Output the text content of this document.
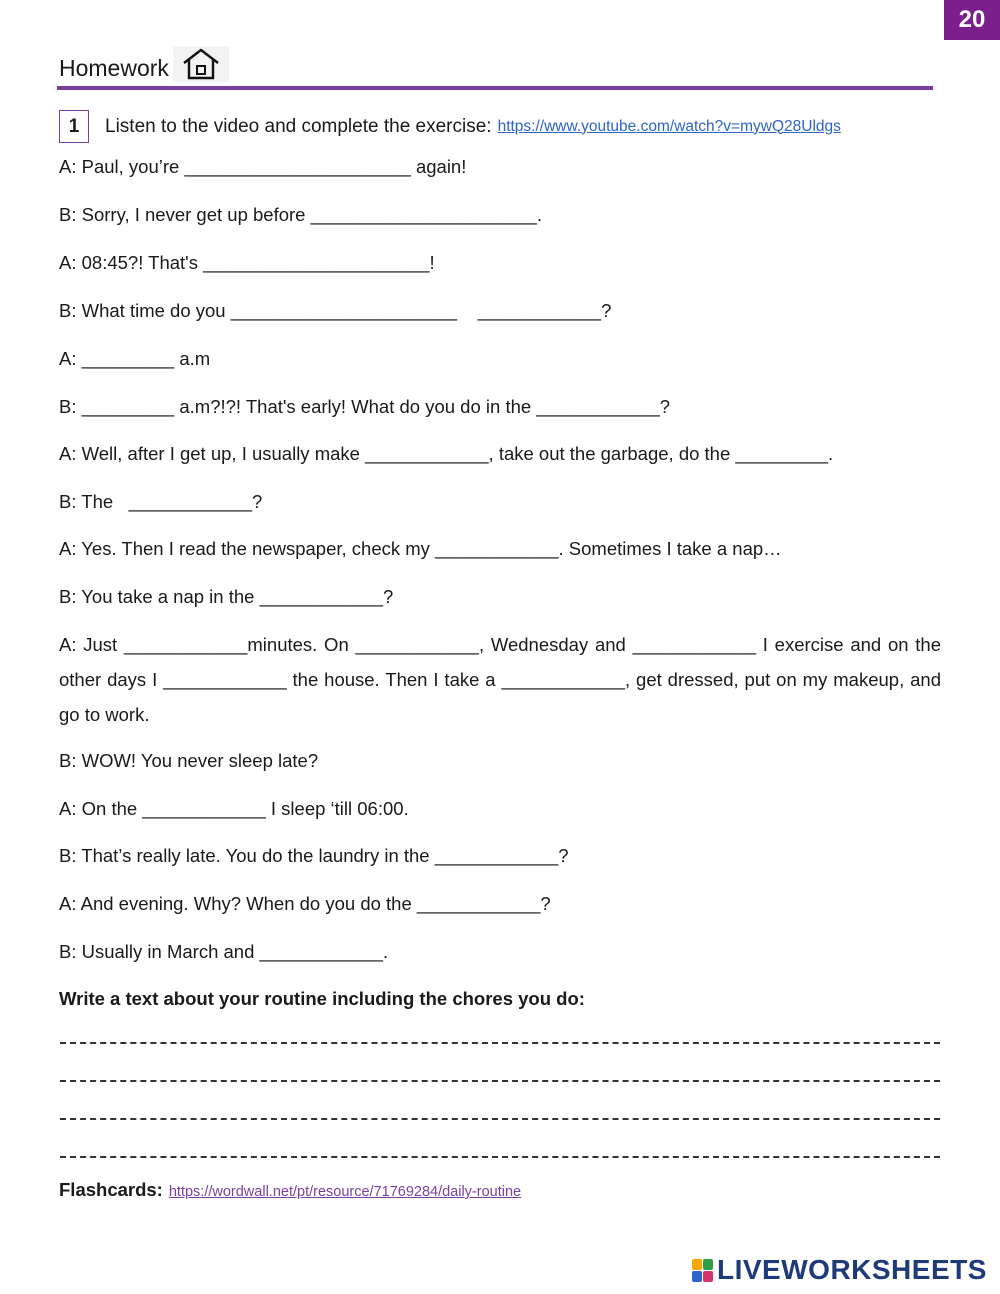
20
Homework
1	Listen to the video and complete the exercise: https://www.youtube.com/watch?v=mywQ28Uldgs
A: Paul, you’re ______________________ again!
B: Sorry, I never get up before ______________________.
A: 08:45?! That's ______________________!
B: What time do you ______________________    ____________?
A: _________ a.m
B: _________ a.m?!?! That's early! What do you do in the ____________?
A: Well, after I get up, I usually make ____________, take out the garbage, do the _________.
B: The   ____________?
A: Yes. Then I read the newspaper, check my ____________. Sometimes I take a nap…
B: You take a nap in the ____________?
A: Just ____________minutes. On ____________, Wednesday and ____________ I exercise and on the other days I ____________ the house. Then I take a ____________, get dressed, put on my makeup, and go to work.
B: WOW! You never sleep late?
A: On the ____________ I sleep ‘till 06:00.
B: That’s really late. You do the laundry in the ____________?
A: And evening. Why? When do you do the ____________?
B: Usually in March and ____________.
Write a text about your routine including the chores you do:
Flashcards: https://wordwall.net/pt/resource/71769284/daily-routine
LIVEWORKSHEETS
